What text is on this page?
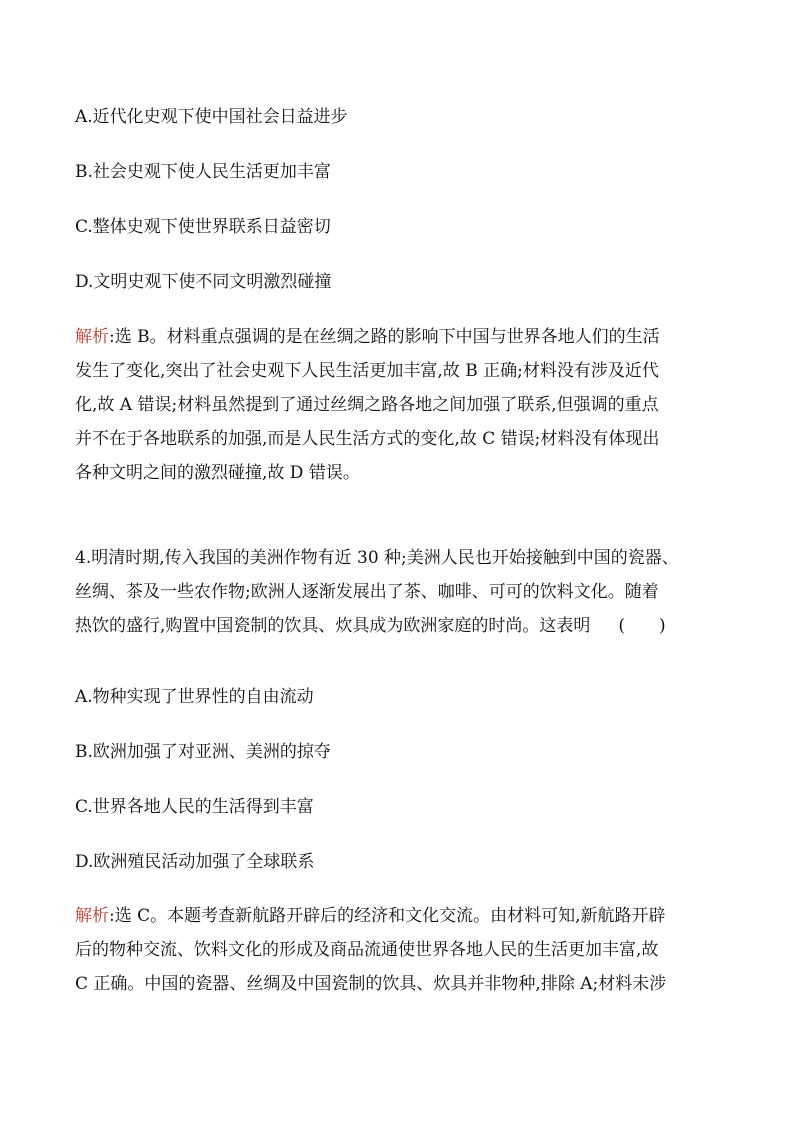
A.近代化史观下使中国社会日益进步
B.社会史观下使人民生活更加丰富
C.整体史观下使世界联系日益密切
D.文明史观下使不同文明激烈碰撞
解析:选 B。材料重点强调的是在丝绸之路的影响下中国与世界各地人们的生活
发生了变化,突出了社会史观下人民生活更加丰富,故 B 正确;材料没有涉及近代
化,故 A 错误;材料虽然提到了通过丝绸之路各地之间加强了联系,但强调的重点
并不在于各地联系的加强,而是人民生活方式的变化,故 C 错误;材料没有体现出
各种文明之间的激烈碰撞,故 D 错误。
4.明清时期,传入我国的美洲作物有近 30 种;美洲人民也开始接触到中国的瓷器、
丝绸、茶及一些农作物;欧洲人逐渐发展出了茶、咖啡、可可的饮料文化。随着
热饮的盛行,购置中国瓷制的饮具、炊具成为欧洲家庭的时尚。这表明 (　　)
A.物种实现了世界性的自由流动
B.欧洲加强了对亚洲、美洲的掠夺
C.世界各地人民的生活得到丰富
D.欧洲殖民活动加强了全球联系
解析:选 C。本题考查新航路开辟后的经济和文化交流。由材料可知,新航路开辟
后的物种交流、饮料文化的形成及商品流通使世界各地人民的生活更加丰富,故
C 正确。中国的瓷器、丝绸及中国瓷制的饮具、炊具并非物种,排除 A;材料未涉
